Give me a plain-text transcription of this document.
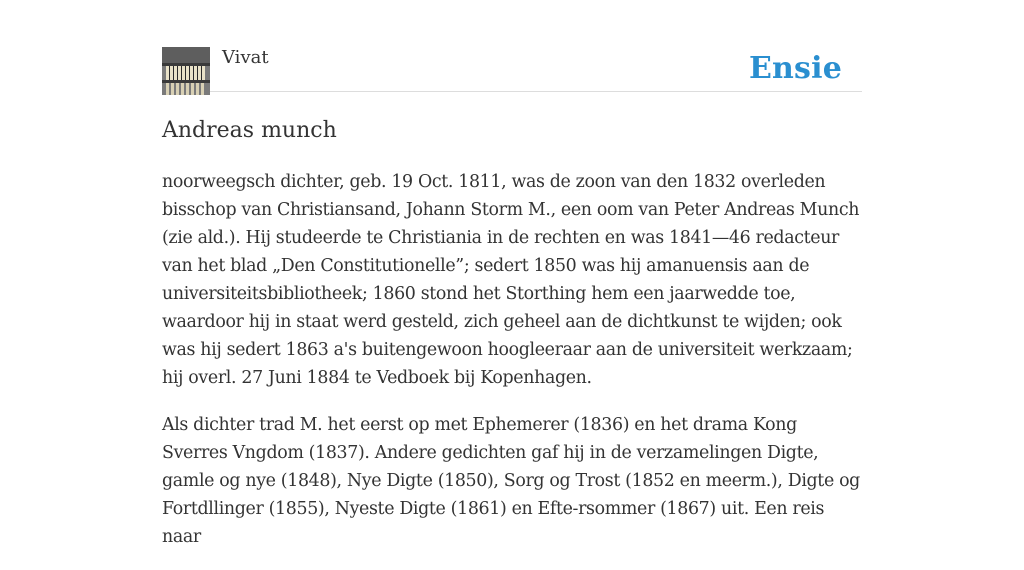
Vivat	Ensie
Andreas munch

noorweegsch dichter, geb. 19 Oct. 1811, was de zoon van den 1832 overleden bisschop van Christiansand, Johann Storm M., een oom van Peter Andreas Munch (zie ald.). Hij studeerde te Christiania in de rechten en was 1841—46 redacteur van het blad „Den Constitutionelle”; sedert 1850 was hij amanuensis aan de universiteitsbibliotheek; 1860 stond het Storthing hem een jaarwedde toe, waardoor hij in staat werd gesteld, zich geheel aan de dichtkunst te wijden; ook was hij sedert 1863 a's buitengewoon hoogleeraar aan de universiteit werkzaam; hij overl. 27 Juni 1884 te Vedboek bij Kopenhagen.

Als dichter trad M. het eerst op met Ephemerer (1836) en het drama Kong Sverres Vngdom (1837). Andere gedichten gaf hij in de verzamelingen Digte, gamle og nye (1848), Nye Digte (1850), Sorg og Trost (1852 en meerm.), Digte og Fortdllinger (1855), Nyeste Digte (1861) en Efte-rsommer (1867) uit. Een reis naar
